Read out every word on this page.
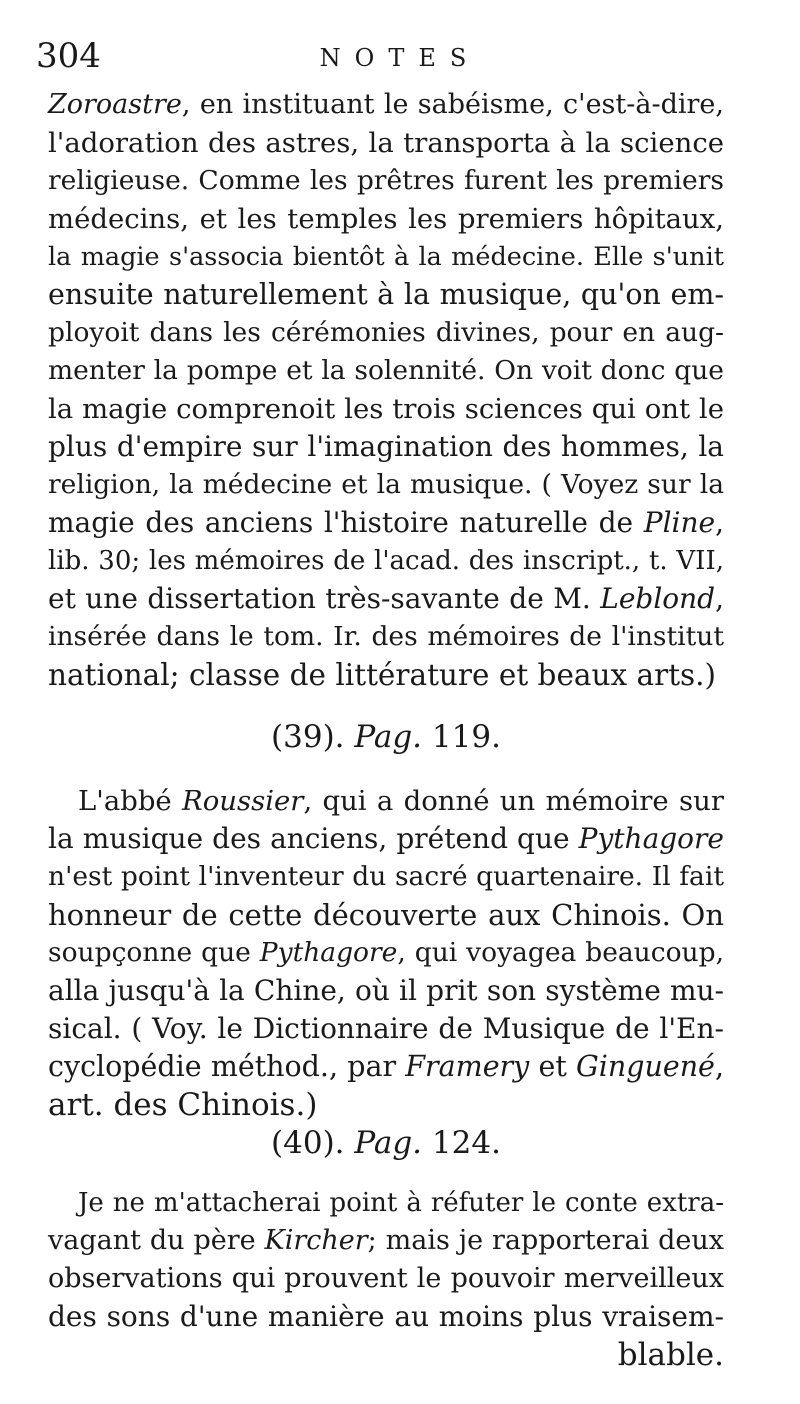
304	NOTES
Zoroastre, en instituant le sabéisme, c'est-à-dire,
l'adoration des astres, la transporta à la science
religieuse. Comme les prêtres furent les premiers
médecins, et les temples les premiers hôpitaux,
la magie s'associa bientôt à la médecine. Elle s'unit
ensuite naturellement à la musique, qu'on em-
ployoit dans les cérémonies divines, pour en aug-
menter la pompe et la solennité. On voit donc que
la magie comprenoit les trois sciences qui ont le
plus d'empire sur l'imagination des hommes, la
religion, la médecine et la musique. ( Voyez sur la
magie des anciens l'histoire naturelle de Pline,
lib. 30; les mémoires de l'acad. des inscript., t. VII,
et une dissertation très-savante de M. Leblond,
insérée dans le tom. Ir. des mémoires de l'institut
national; classe de littérature et beaux arts.)
(39). Pag. 119.
L'abbé Roussier, qui a donné un mémoire sur
la musique des anciens, prétend que Pythagore
n'est point l'inventeur du sacré quartenaire. Il fait
honneur de cette découverte aux Chinois. On
soupçonne que Pythagore, qui voyagea beaucoup,
alla jusqu'à la Chine, où il prit son système mu-
sical. ( Voy. le Dictionnaire de Musique de l'En-
cyclopédie méthod., par Framery et Ginguené,
art. des Chinois.)
(40). Pag. 124.
Je ne m'attacherai point à réfuter le conte extra-
vagant du père Kircher; mais je rapporterai deux
observations qui prouvent le pouvoir merveilleux
des sons d'une manière au moins plus vraisem-
blable.
